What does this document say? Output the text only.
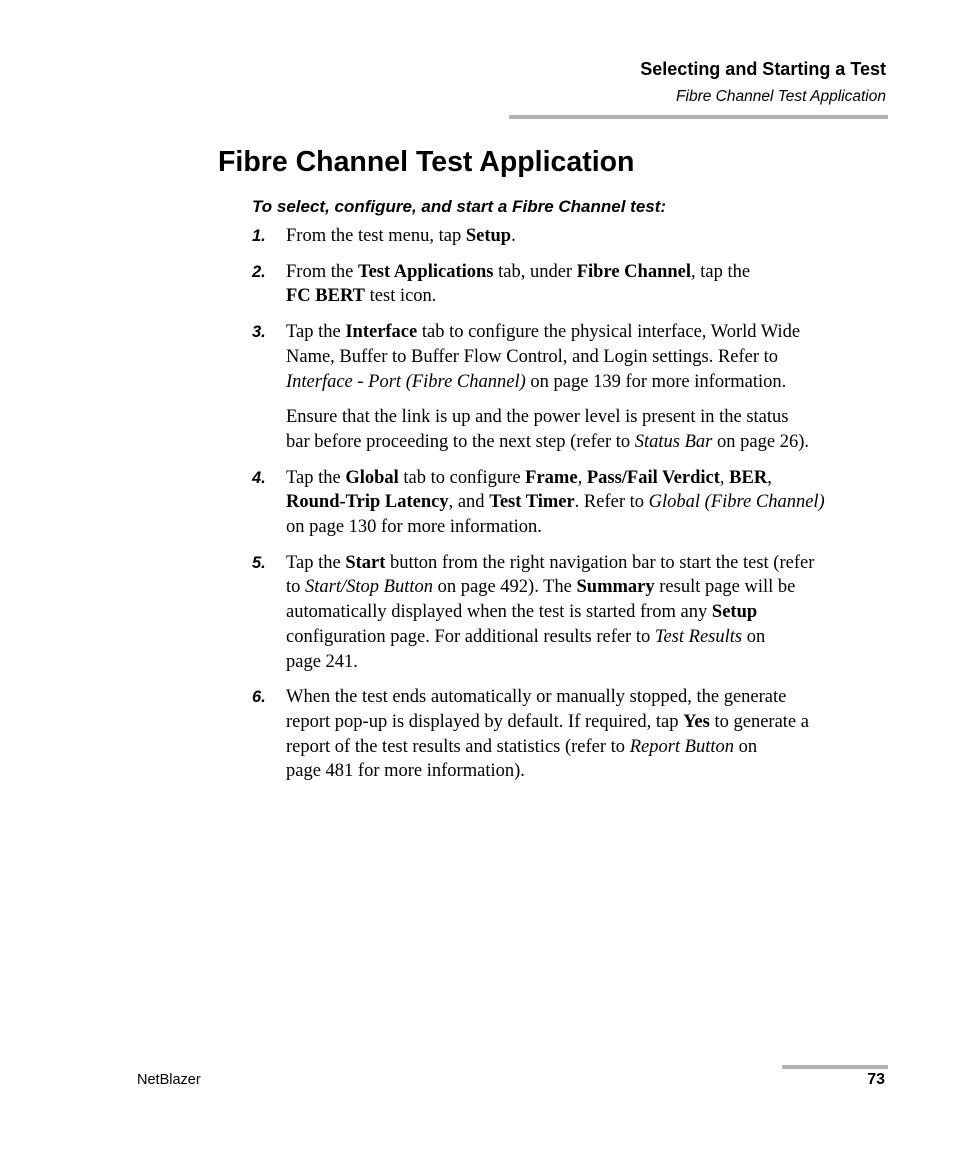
Selecting and Starting a Test
Fibre Channel Test Application
Fibre Channel Test Application
To select, configure, and start a Fibre Channel test:
1.	From the test menu, tap Setup.

2.	From the Test Applications tab, under Fibre Channel, tap the
FC BERT test icon.

3.	Tap the Interface tab to configure the physical interface, World Wide
Name, Buffer to Buffer Flow Control, and Login settings. Refer to
Interface - Port (Fibre Channel) on page 139 for more information.

Ensure that the link is up and the power level is present in the status
bar before proceeding to the next step (refer to Status Bar on page 26).

4.	Tap the Global tab to configure Frame, Pass/Fail Verdict, BER,
Round-Trip Latency, and Test Timer. Refer to Global (Fibre Channel)
on page 130 for more information.

5.	Tap the Start button from the right navigation bar to start the test (refer
to Start/Stop Button on page 492). The Summary result page will be
automatically displayed when the test is started from any Setup
configuration page. For additional results refer to Test Results on
page 241.

6.	When the test ends automatically or manually stopped, the generate
report pop-up is displayed by default. If required, tap Yes to generate a
report of the test results and statistics (refer to Report Button on
page 481 for more information).

NetBlazer	73
